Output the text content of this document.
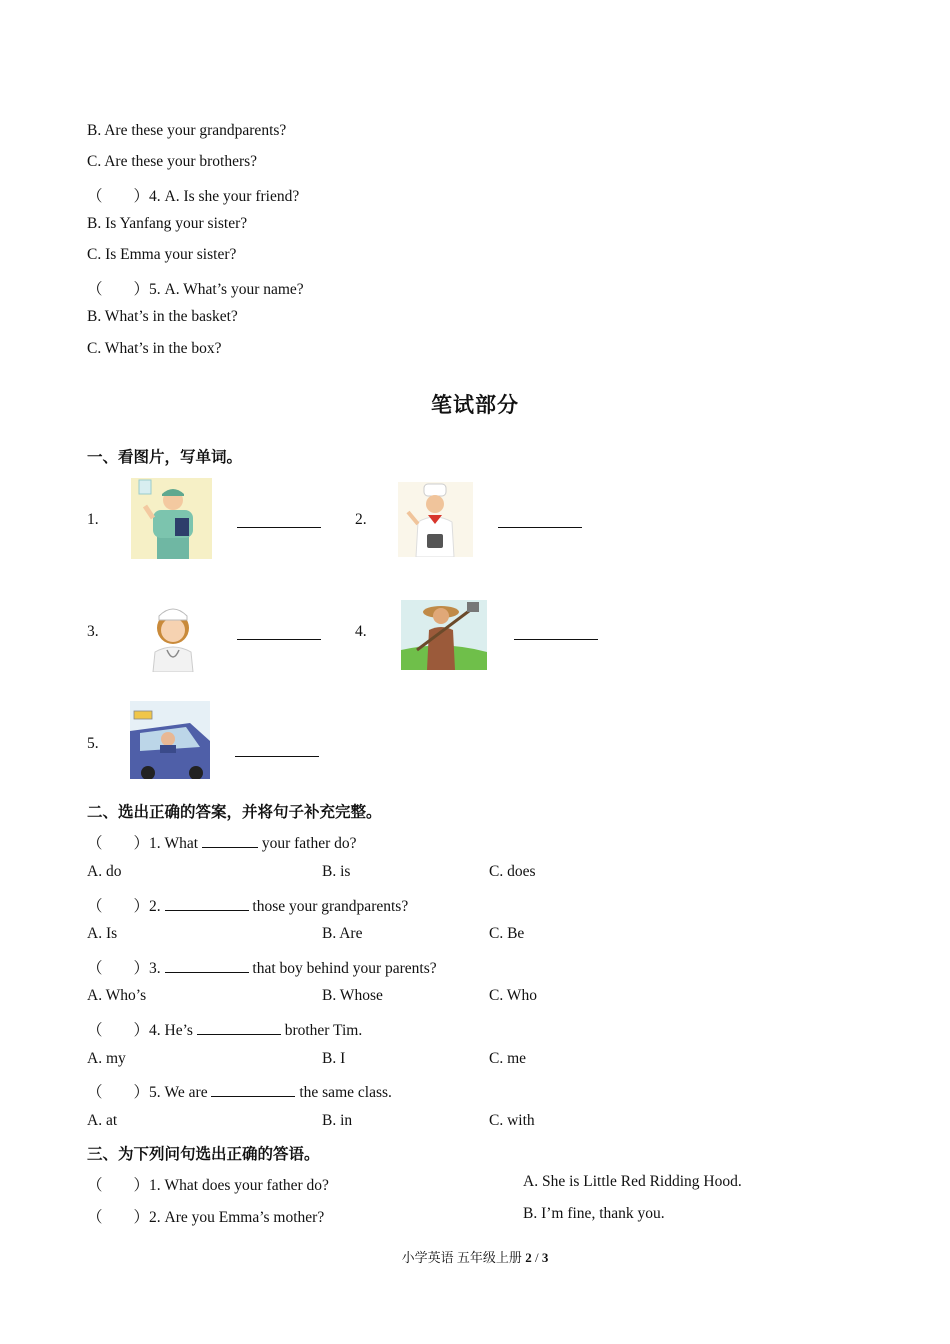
B. Are these your grandparents?
C. Are these your brothers?
（　　）4. A. Is she your friend?
B. Is Yanfang your sister?
C. Is Emma your sister?
（　　）5. A. What’s your name?
B. What’s in the basket?
C. What’s in the box?
笔试部分
一、看图片，写单词。
1.	2.
3.	4.
5.
二、选出正确的答案，并将句子补充完整。
（　　）1. What	your father do?
A. do	B. is	C. does
（　　）2.	those your grandparents?
A. Is	B. Are	C. Be
（　　）3.	that boy behind your parents?
A. Who’s	B. Whose	C. Who
（　　）4. He’s	brother Tim.
A. my	B. I	C. me
（　　）5. We are	the same class.
A. at	B. in	C. with
三、为下列问句选出正确的答语。
（　　）1. What does your father do?	A. She is Little Red Ridding Hood.
（　　）2. Are you Emma’s mother?	B. I’m fine, thank you.
小学英语 五年级上册 2 / 3
